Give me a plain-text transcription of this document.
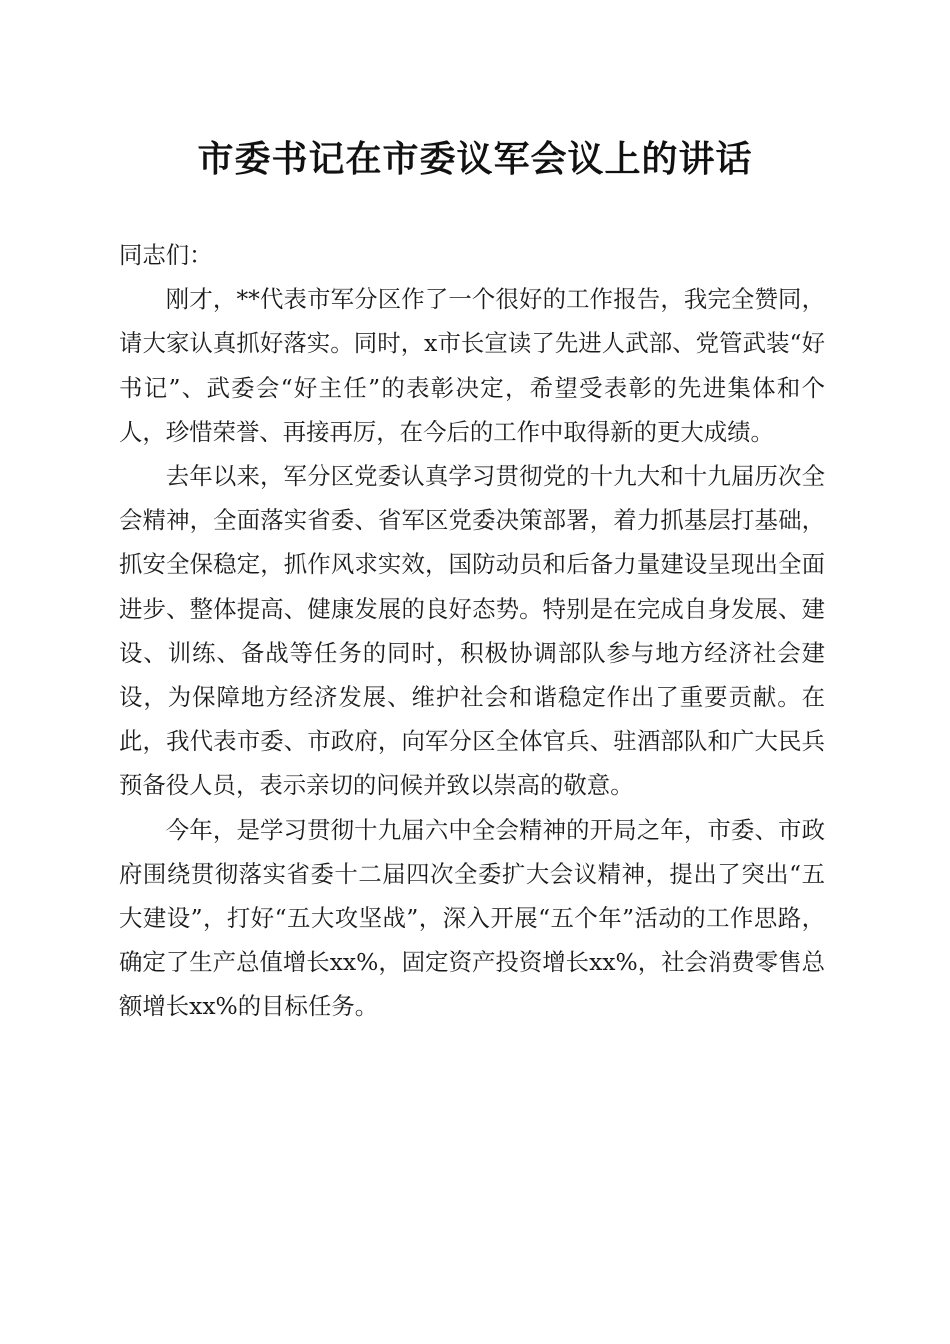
市委书记在市委议军会议上的讲话

同志们：

刚才，**代表市军分区作了一个很好的工作报告，我完全赞同，请大家认真抓好落实。同时，x市长宣读了先进人武部、党管武装“好书记”、武委会“好主任”的表彰决定，希望受表彰的先进集体和个人，珍惜荣誉、再接再厉，在今后的工作中取得新的更大成绩。

去年以来，军分区党委认真学习贯彻党的十九大和十九届历次全会精神，全面落实省委、省军区党委决策部署，着力抓基层打基础，抓安全保稳定，抓作风求实效，国防动员和后备力量建设呈现出全面进步、整体提高、健康发展的良好态势。特别是在完成自身发展、建设、训练、备战等任务的同时，积极协调部队参与地方经济社会建设，为保障地方经济发展、维护社会和谐稳定作出了重要贡献。在此，我代表市委、市政府，向军分区全体官兵、驻酒部队和广大民兵预备役人员，表示亲切的问候并致以崇高的敬意。

今年，是学习贯彻十九届六中全会精神的开局之年，市委、市政府围绕贯彻落实省委十二届四次全委扩大会议精神，提出了突出“五大建设”，打好“五大攻坚战”，深入开展“五个年”活动的工作思路，确定了生产总值增长xx%，固定资产投资增长xx%，社会消费零售总额增长xx%的目标任务。
